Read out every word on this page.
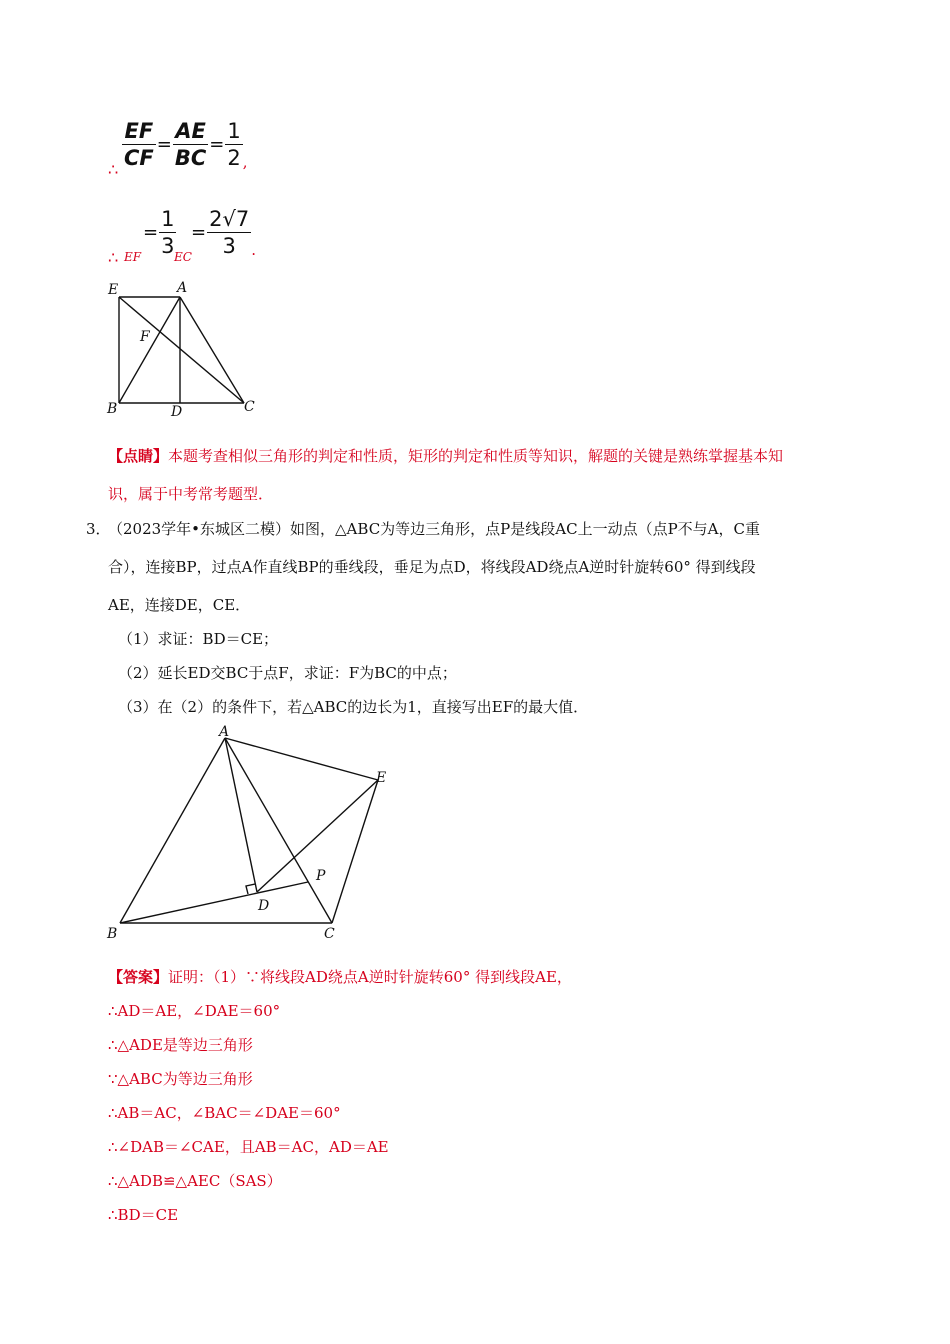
∴ $\frac{EF}{CF} = \frac{AE}{BC} = \frac{1}{2}$ ,
∴ EF
= $\frac{1}{3}$
EC
= $\frac{2√7}{3}$ .
E	A
F
B	D	C
【点睛】本题考查相似三角形的判定和性质，矩形的判定和性质等知识，解题的关键是熟练掌握基本知
识，属于中考常考题型．
3．
（2023学年•东城区二模）如图，△ABC为等边三角形，点P是线段AC上一动点（点P不与A，C重
合），连接BP，过点A作直线BP的垂线段，垂足为点D，将线段AD绕点A逆时针旋转60° 得到线段
AE，连接DE，CE．
（1）求证：BD＝CE；
（2）延长ED交BC于点F，求证：F为BC的中点；
（3）在（2）的条件下，若△ABC的边长为1，直接写出EF的最大值．
A
E
P
D
B	C
【答案】证明：（1）∵将线段AD绕点A逆时针旋转60° 得到线段AE，
∴AD＝AE，∠DAE＝60°
∴△ADE是等边三角形
∵△ABC为等边三角形
∴AB＝AC，∠BAC＝∠DAE＝60°
∴∠DAB＝∠CAE，且AB＝AC，AD＝AE
∴△ADB≌△AEC（SAS）
∴BD＝CE
